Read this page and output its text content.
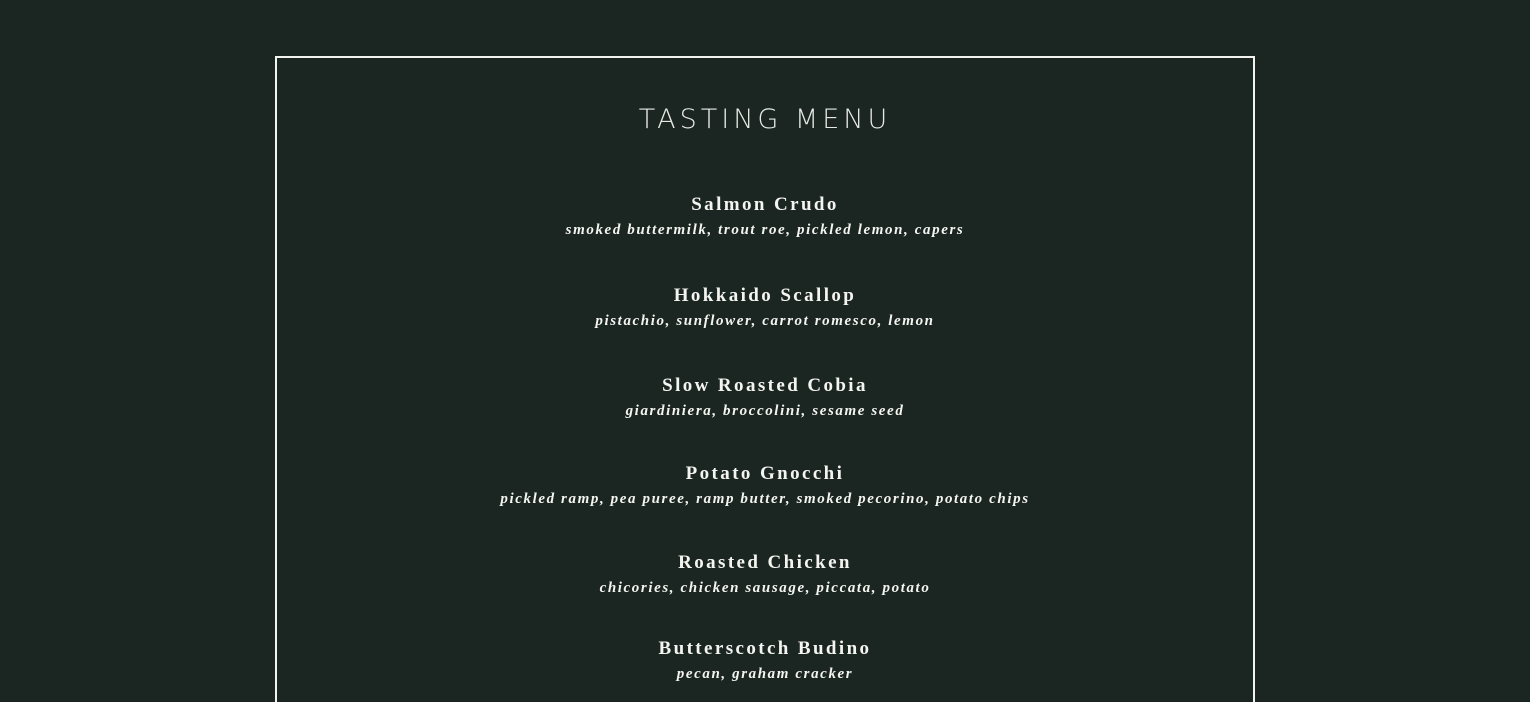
TASTING MENU
Salmon Crudo
smoked buttermilk, trout roe, pickled lemon, capers
Hokkaido Scallop
pistachio, sunflower, carrot romesco, lemon
Slow Roasted Cobia
giardiniera, broccolini, sesame seed
Potato Gnocchi
pickled ramp, pea puree, ramp butter, smoked pecorino, potato chips
Roasted Chicken
chicories, chicken sausage, piccata, potato
Butterscotch Budino
pecan, graham cracker
